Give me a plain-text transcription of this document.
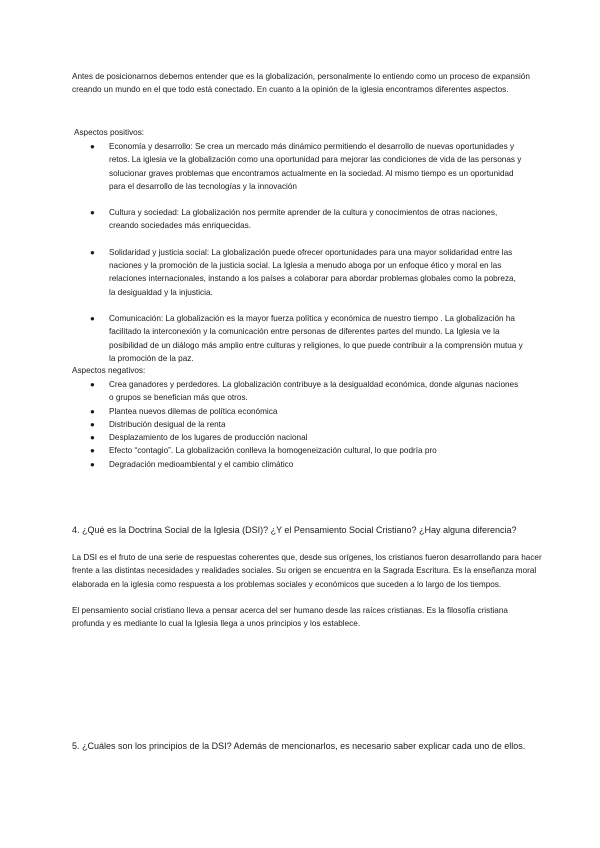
Antes de posicionarnos debemos entender que es la globalización, personalmente lo entiendo como un proceso de expansión creando un mundo en el que todo está conectado. En cuanto a la opinión de la iglesia encontramos diferentes aspectos.

Aspectos positivos:

● Economía y desarrollo: Se crea un mercado más dinámico permitiendo el desarrollo de nuevas oportunidades y retos. La iglesia ve la globalización como una oportunidad para mejorar las condiciones de vida de las personas y solucionar graves problemas que encontramos actualmente en la sociedad. Al mismo tiempo es un oportunidad para el desarrollo de las tecnologías y la innovación
● Cultura y sociedad: La globalización nos permite aprender de la cultura y conocimientos de otras naciones, creando sociedades más enriquecidas.
● Solidaridad y justicia social: La globalización puede ofrecer oportunidades para una mayor solidaridad entre las naciones y la promoción de la justicia social. La Iglesia a menudo aboga por un enfoque ético y moral en las relaciones internacionales, instando a los países a colaborar para abordar problemas globales como la pobreza, la desigualdad y la injusticia.
● Comunicación: La globalización es la mayor fuerza política y económica de nuestro tiempo . La globalización ha facilitado la interconexión y la comunicación entre personas de diferentes partes del mundo. La Iglesia ve la posibilidad de un diálogo más amplio entre culturas y religiones, lo que puede contribuir a la comprensión mutua y la promoción de la paz.

Aspectos negativos:

● Crea ganadores y perdedores. La globalización contribuye a la desigualdad económica, donde algunas naciones o grupos se benefician más que otros.
● Plantea nuevos dilemas de política económica
● Distribución desigual de la renta
● Desplazamiento de los lugares de producción nacional
● Efecto “contagio”. La globalización conlleva la homogeneización cultural, lo que podría pro
● Degradación medioambiental y el cambio climático

4. ¿Qué es la Doctrina Social de la Iglesia (DSI)? ¿Y el Pensamiento Social Cristiano? ¿Hay alguna diferencia?

La DSI es el fruto de una serie de respuestas coherentes que, desde sus orígenes, los cristianos fueron desarrollando para hacer frente a las distintas necesidades y realidades sociales. Su origen se encuentra en la Sagrada Escritura. Es la enseñanza moral elaborada en la iglesia como respuesta a los problemas sociales y económicos que suceden a lo largo de los tiempos.

El pensamiento social cristiano lleva a pensar acerca del ser humano desde las raíces cristianas. Es la filosofía cristiana profunda y es mediante lo cual la Iglesia llega a unos principios y los establece.

5. ¿Cuáles son los principios de la DSI? Además de mencionarlos, es necesario saber explicar cada uno de ellos.
